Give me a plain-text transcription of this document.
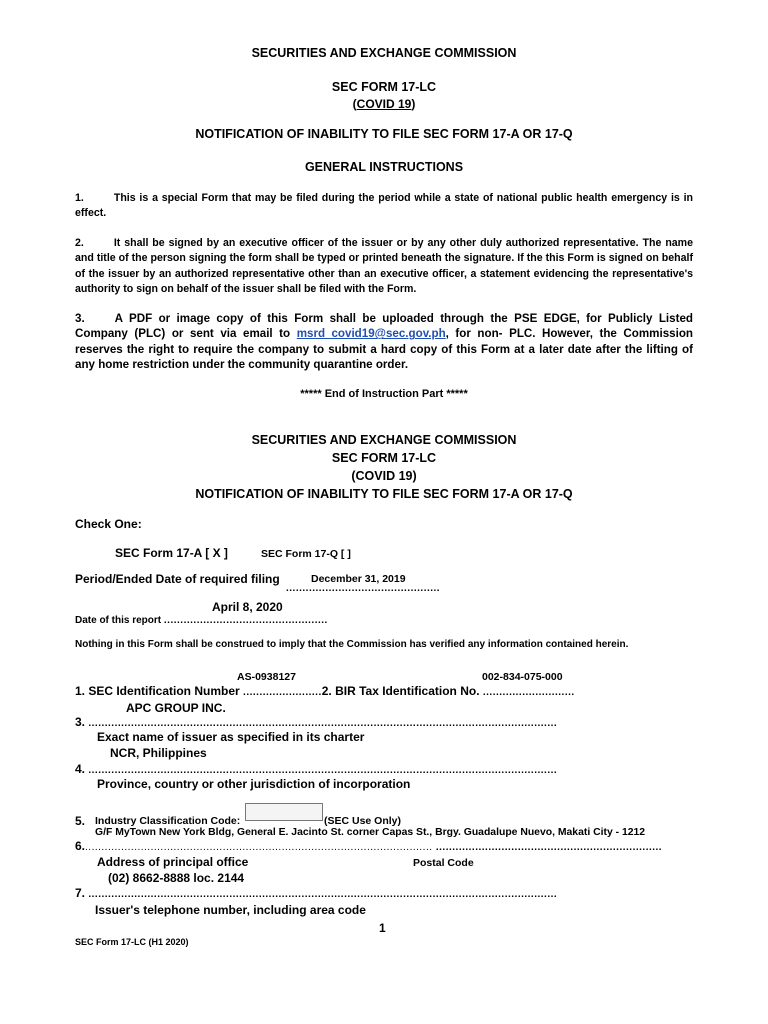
SECURITIES AND EXCHANGE COMMISSION
SEC FORM 17-LC
(COVID 19)
NOTIFICATION OF INABILITY TO FILE SEC FORM 17-A OR 17-Q
GENERAL INSTRUCTIONS
1.	This is a special Form that may be filed during the period while a state of national public health emergency is in effect.
2.	It shall be signed by an executive officer of the issuer or by any other duly authorized representative. The name and title of the person signing the form shall be typed or printed beneath the signature. If the this Form is signed on behalf of the issuer by an authorized representative other than an executive officer, a statement evidencing the representative's authority to sign on behalf of the issuer shall be filed with the Form.
3.	A PDF or image copy of this Form shall be uploaded through the PSE EDGE, for Publicly Listed Company (PLC) or sent via email to msrd_covid19@sec.gov.ph, for non- PLC. However, the Commission reserves the right to require the company to submit a hard copy of this Form at a later date after the lifting of any home restriction under the community quarantine order.
***** End of Instruction Part *****
SECURITIES AND EXCHANGE COMMISSION
SEC FORM 17-LC
(COVID 19)
NOTIFICATION OF INABILITY TO FILE SEC FORM 17-A OR 17-Q
Check One:
SEC Form 17-A [ X ]	SEC Form 17-Q [ ]
Period/Ended Date of required filing	December 31, 2019
...............................................
April 8, 2020
Date of this report ..................................................
Nothing in this Form shall be construed to imply that the Commission has verified any information contained herein.
AS-0938127	002-834-075-000
1. SEC Identification Number ........................2. BIR Tax Identification No. ............................
APC GROUP INC.
3. ...............................................................................................................................................
Exact name of issuer as specified in its charter
NCR, Philippines
4. ...............................................................................................................................................
Province, country or other jurisdiction of incorporation
5. Industry Classification Code:	(SEC Use Only)
G/F MyTown New York Bldg, General E. Jacinto St. corner Capas St., Brgy. Guadalupe Nuevo, Makati City - 1212
6........................................................................................................... .....................................................................
Address of principal office	Postal Code
(02) 8662-8888 loc. 2144
7. ...............................................................................................................................................
Issuer's telephone number, including area code
1
SEC Form 17-LC (H1 2020)
